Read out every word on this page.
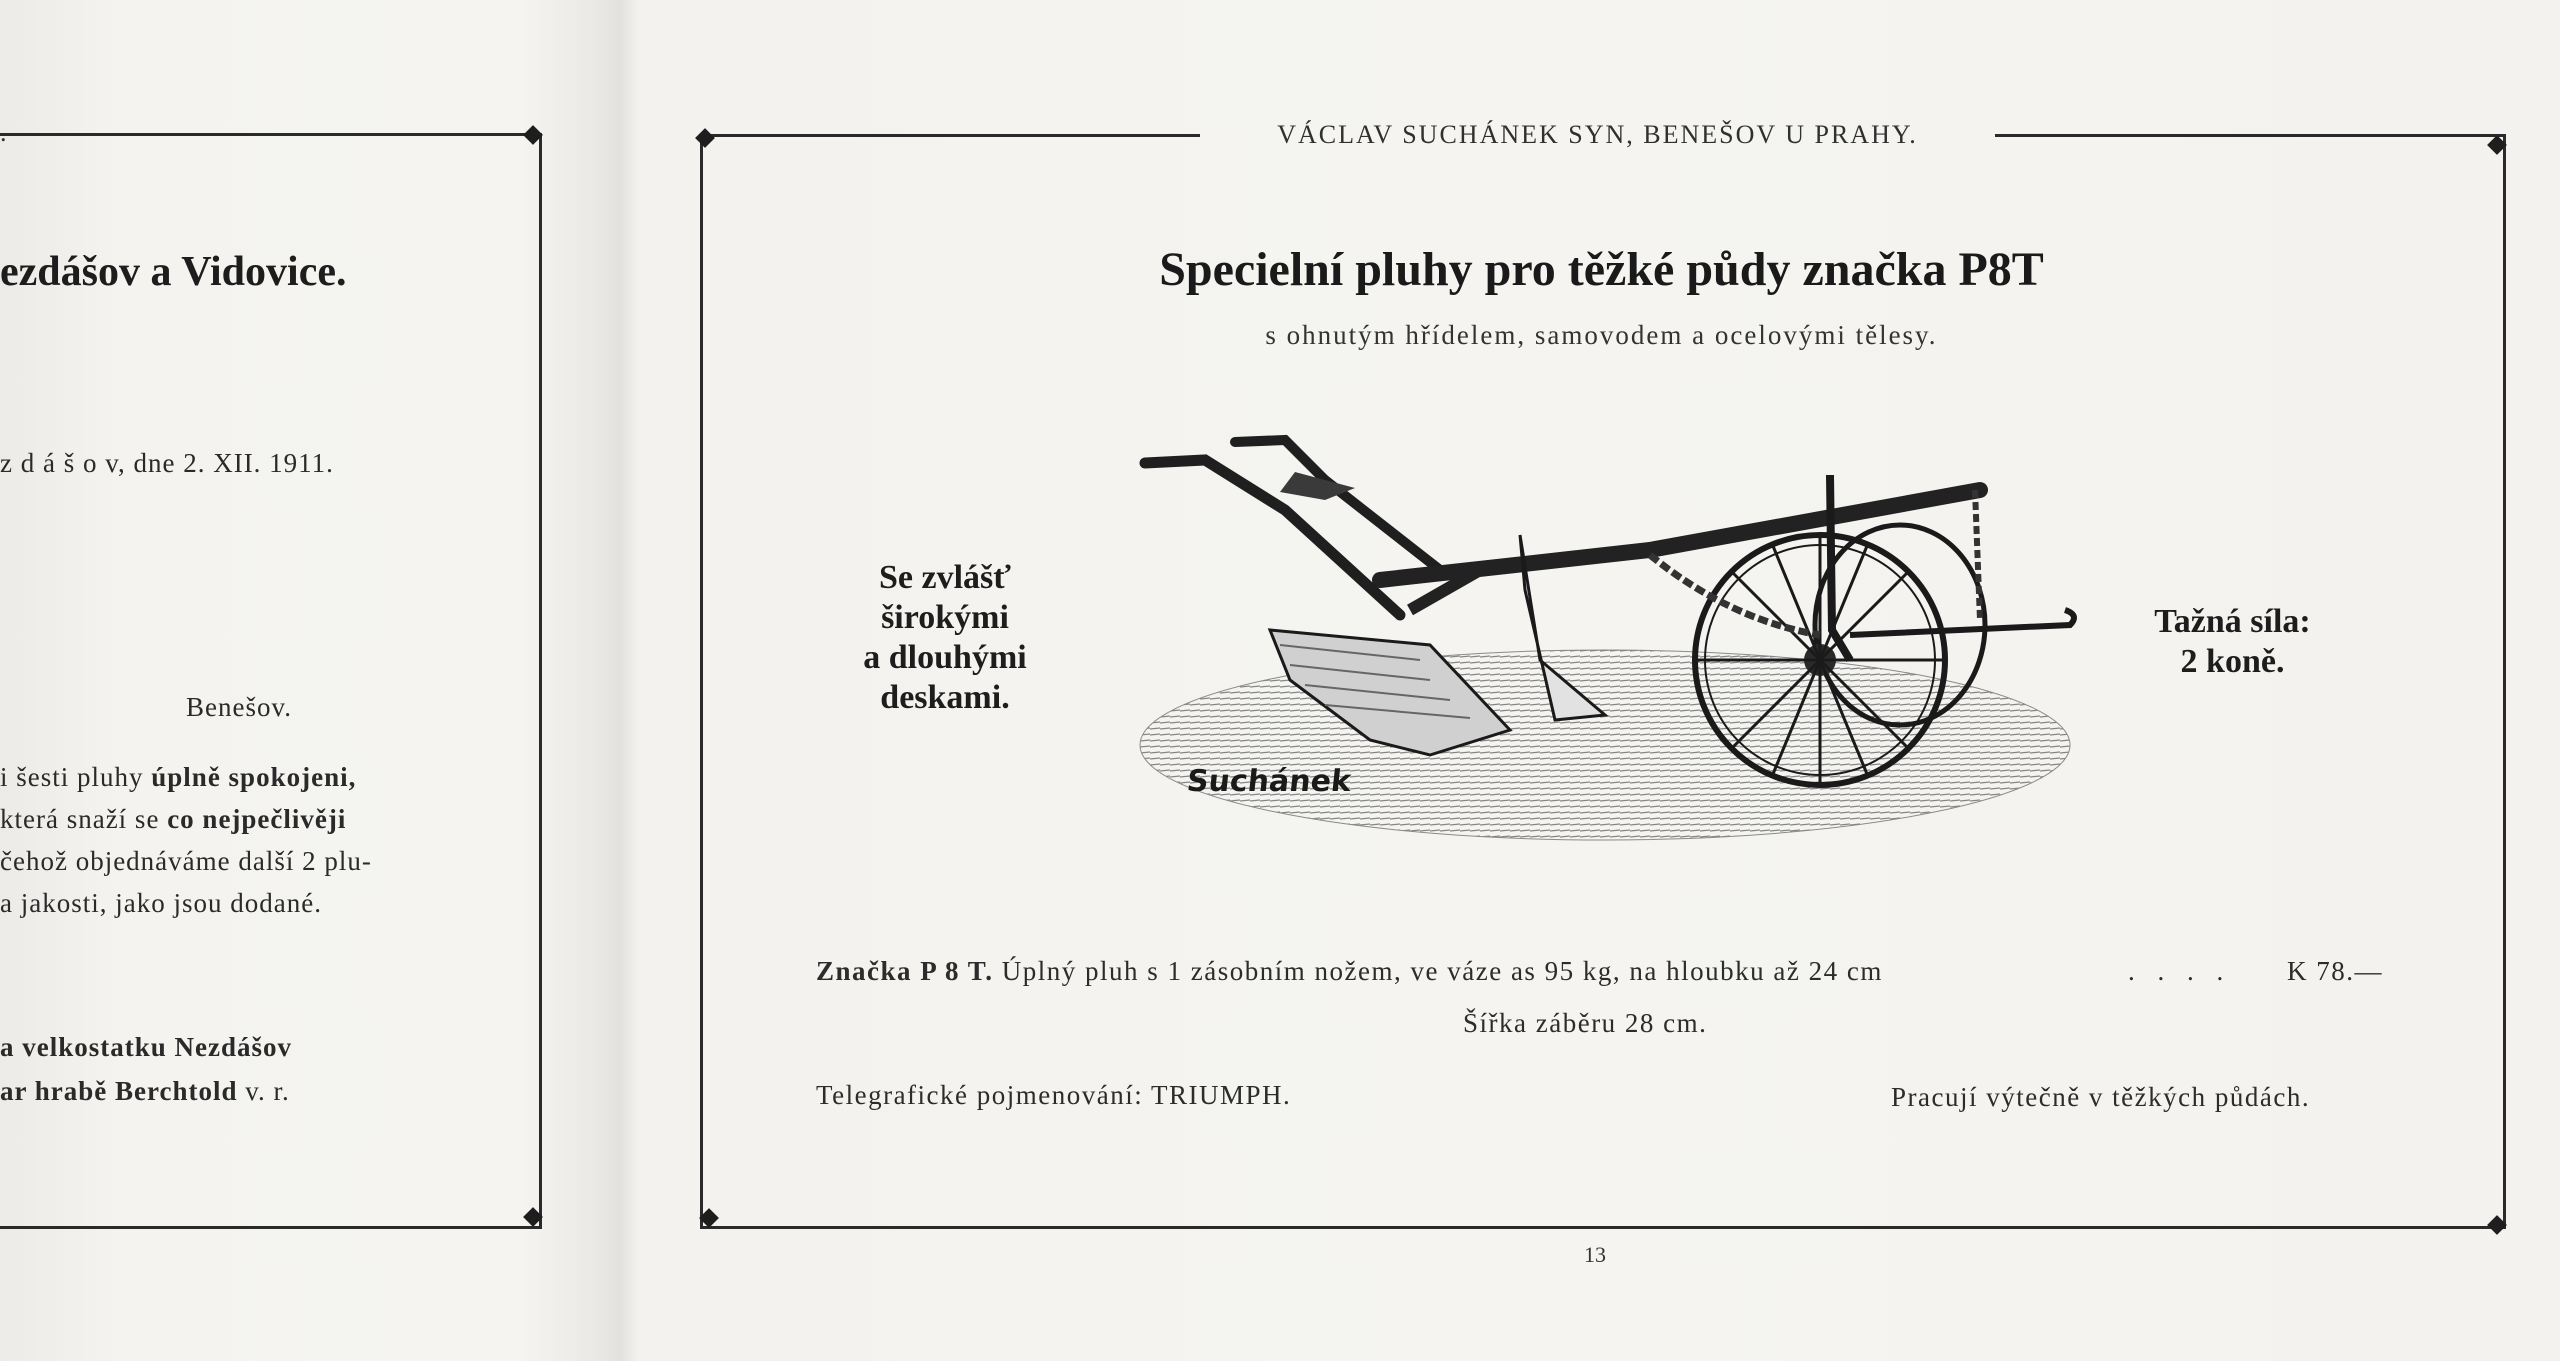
.
ezdášov a Vidovice.
z d á š o v, dne 2. XII. 1911.
Benešov.
i šesti pluhy úplně spokojeni,
která snaží se co nejpečlivěji
čehož objednáváme další 2 plu-
a jakosti, jako jsou dodané.
a velkostatku Nezdášov
ar hrabě Berchtold v. r.
VÁCLAV SUCHÁNEK SYN, BENEŠOV U PRAHY.
Specielní pluhy pro těžké půdy značka P8T
s ohnutým hřídelem, samovodem a ocelovými tělesy.
Se zvlášť
širokými
a dlouhými
deskami.
Tažná síla:
2 koně.
Suchánek
Značka P 8 T. Úplný pluh s 1 zásobním nožem, ve váze as 95 kg, na hloubku až 24 cm	. . . . K 78.—
Šířka záběru 28 cm.
Telegrafické pojmenování: TRIUMPH.	Pracují výtečně v těžkých půdách.
13
